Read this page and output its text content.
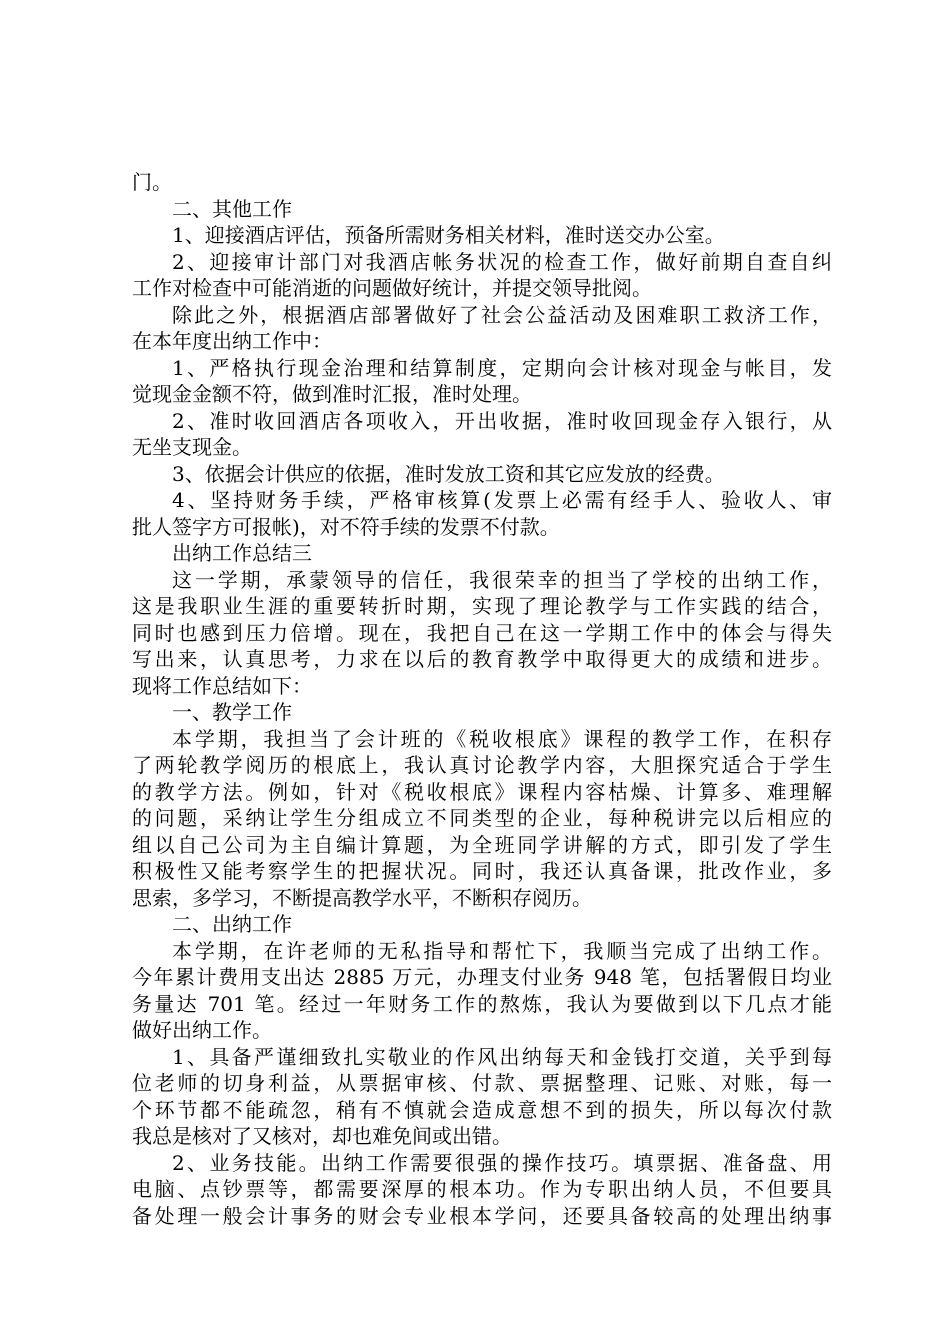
门。
二、其他工作
1、迎接酒店评估，预备所需财务相关材料，准时送交办公室。
2、迎接审计部门对我酒店帐务状况的检查工作，做好前期自查自纠
工作对检查中可能消逝的问题做好统计，并提交领导批阅。
除此之外，根据酒店部署做好了社会公益活动及困难职工救济工作，
在本年度出纳工作中：
1、严格执行现金治理和结算制度，定期向会计核对现金与帐目，发
觉现金金额不符，做到准时汇报，准时处理。
2、准时收回酒店各项收入，开出收据，准时收回现金存入银行，从
无坐支现金。
3、依据会计供应的依据，准时发放工资和其它应发放的经费。
4、坚持财务手续，严格审核算(发票上必需有经手人、验收人、审
批人签字方可报帐)，对不符手续的发票不付款。
出纳工作总结三
这一学期，承蒙领导的信任，我很荣幸的担当了学校的出纳工作，
这是我职业生涯的重要转折时期，实现了理论教学与工作实践的结合，
同时也感到压力倍增。现在，我把自己在这一学期工作中的体会与得失
写出来，认真思考，力求在以后的教育教学中取得更大的成绩和进步。
现将工作总结如下：
一、教学工作
本学期，我担当了会计班的《税收根底》课程的教学工作，在积存
了两轮教学阅历的根底上，我认真讨论教学内容，大胆探究适合于学生
的教学方法。例如，针对《税收根底》课程内容枯燥、计算多、难理解
的问题，采纳让学生分组成立不同类型的企业，每种税讲完以后相应的
组以自己公司为主自编计算题，为全班同学讲解的方式，即引发了学生
积极性又能考察学生的把握状况。同时，我还认真备课，批改作业，多
思索，多学习，不断提高教学水平，不断积存阅历。
二、出纳工作
本学期，在许老师的无私指导和帮忙下，我顺当完成了出纳工作。
今年累计费用支出达 2885 万元，办理支付业务 948 笔，包括署假日均业
务量达 701 笔。经过一年财务工作的熬炼，我认为要做到以下几点才能
做好出纳工作。
1、具备严谨细致扎实敬业的作风出纳每天和金钱打交道，关乎到每
位老师的切身利益，从票据审核、付款、票据整理、记账、对账，每一
个环节都不能疏忽，稍有不慎就会造成意想不到的损失，所以每次付款
我总是核对了又核对，却也难免间或出错。
2、业务技能。出纳工作需要很强的操作技巧。填票据、准备盘、用
电脑、点钞票等，都需要深厚的根本功。作为专职出纳人员，不但要具
备处理一般会计事务的财会专业根本学问，还要具备较高的处理出纳事
